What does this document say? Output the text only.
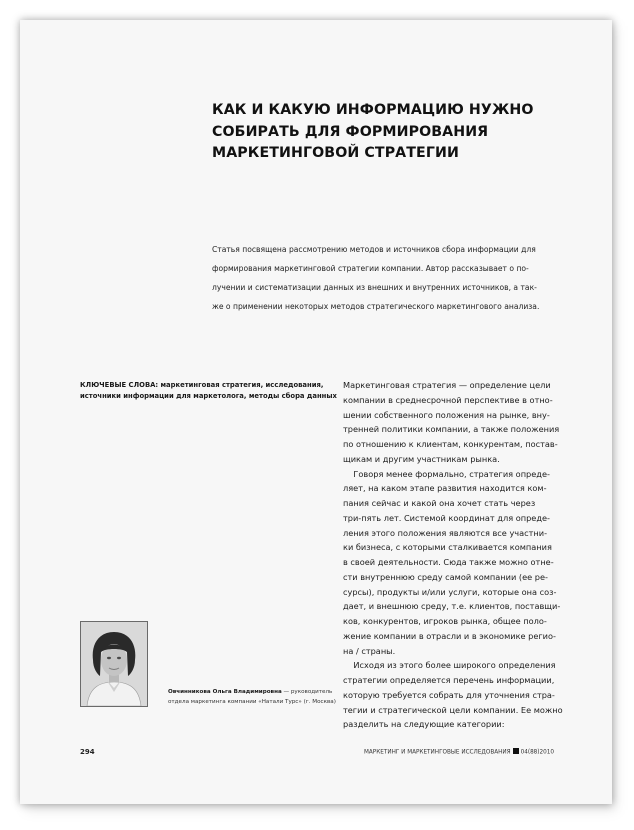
КАК И КАКУЮ ИНФОРМАЦИЮ НУЖНО
СОБИРАТЬ ДЛЯ ФОРМИРОВАНИЯ
МАРКЕТИНГОВОЙ СТРАТЕГИИ

Статья посвящена рассмотрению методов и источников сбора информации для
формирования маркетинговой стратегии компании. Автор рассказывает о по-
лучении и систематизации данных из внешних и внутренних источников, а так-
же о применении некоторых методов стратегического маркетингового анализа.

КЛЮЧЕВЫЕ СЛОВА: маркетинговая стратегия, исследования,
источники информации для маркетолога, методы сбора данных

Маркетинговая стратегия — определение цели
компании в среднесрочной перспективе в отно-
шении собственного положения на рынке, вну-
тренней политики компании, а также положения
по отношению к клиентам, конкурентам, постав-
щикам и другим участникам рынка.
Говоря менее формально, стратегия опреде-
ляет, на каком этапе развития находится ком-
пания сейчас и какой она хочет стать через
три-пять лет. Системой координат для опреде-
ления этого положения являются все участни-
ки бизнеса, с которыми сталкивается компания
в своей деятельности. Сюда также можно отне-
сти внутреннюю среду самой компании (ее ре-
сурсы), продукты и/или услуги, которые она соз-
дает, и внешнюю среду, т.е. клиентов, поставщи-
ков, конкурентов, игроков рынка, общее поло-
жение компании в отрасли и в экономике регио-
на / страны.
Исходя из этого более широкого определения
стратегии определяется перечень информации,
которую требуется собрать для уточнения стра-
тегии и стратегической цели компании. Ее можно
разделить на следующие категории:

Овчинникова Ольга Владимировна — руководитель
отдела маркетинга компании «Натали Турс» (г. Москва)

294	МАРКЕТИНГ И МАРКЕТИНГОВЫЕ ИССЛЕДОВАНИЯ 04(88)2010
